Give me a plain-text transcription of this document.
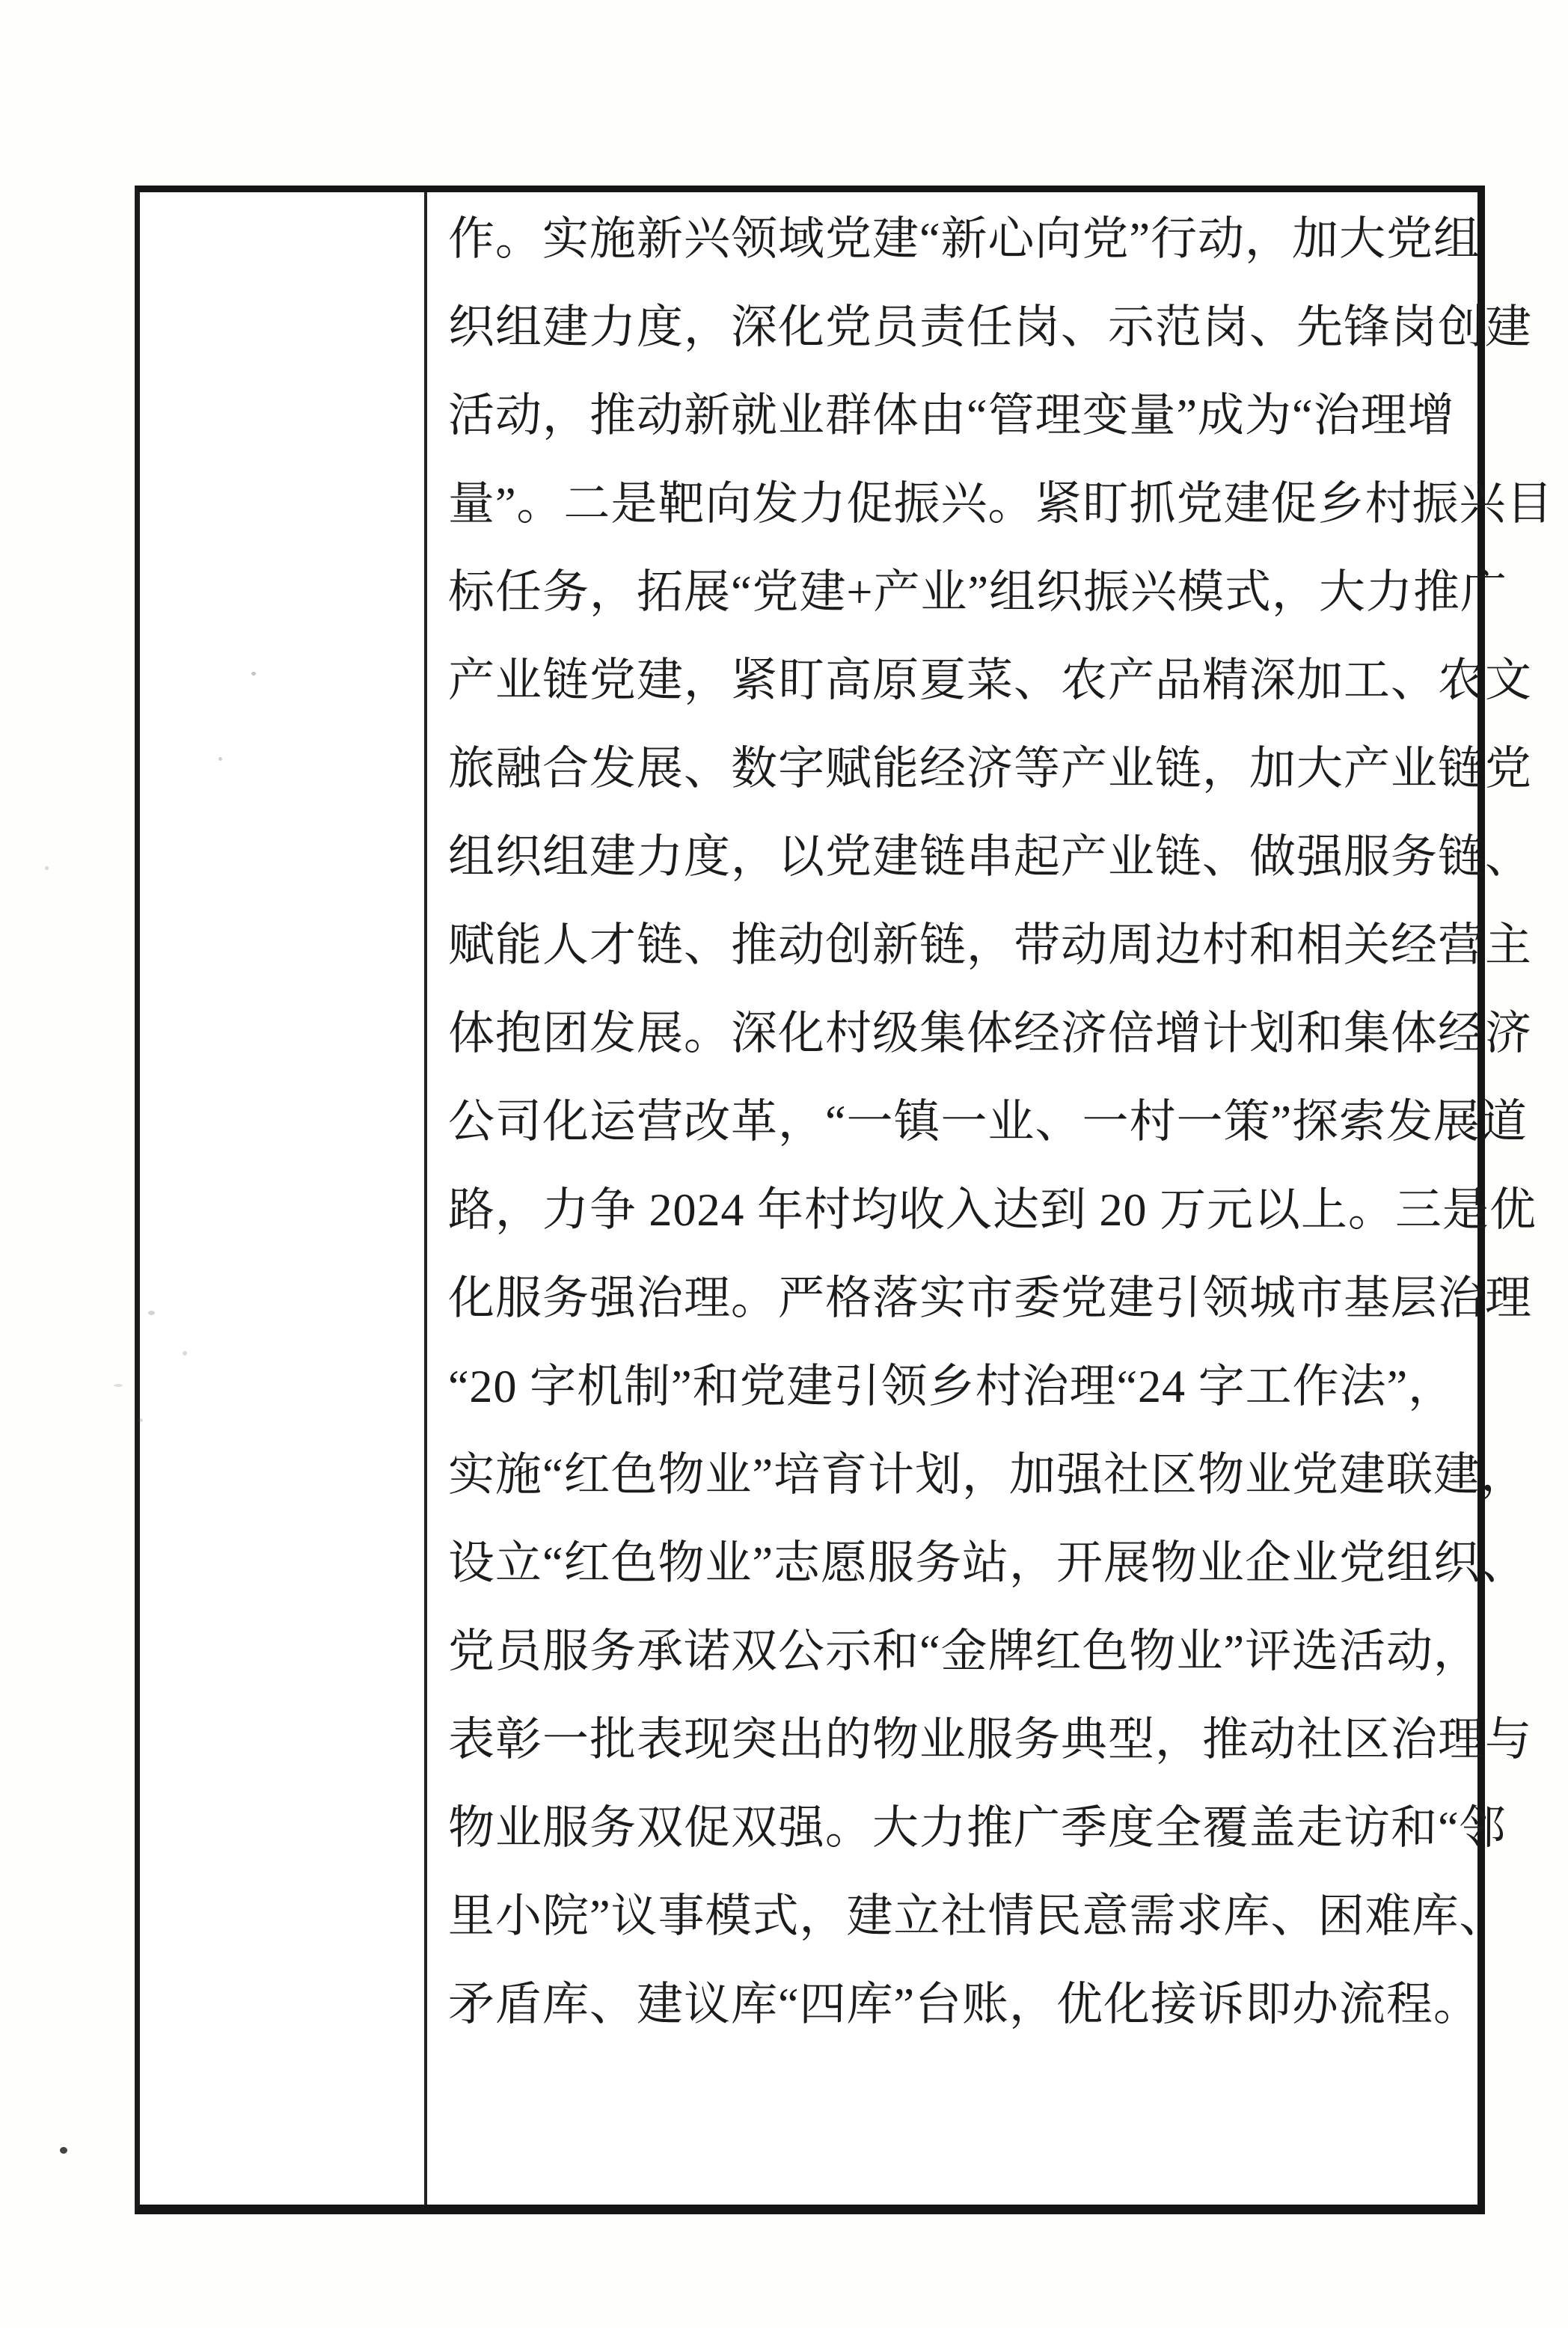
作。实施新兴领域党建“新心向党”行动，加大党组
织组建力度，深化党员责任岗、示范岗、先锋岗创建
活动，推动新就业群体由“管理变量”成为“治理增
量”。二是靶向发力促振兴。紧盯抓党建促乡村振兴目
标任务，拓展“党建+产业”组织振兴模式，大力推广
产业链党建，紧盯高原夏菜、农产品精深加工、农文
旅融合发展、数字赋能经济等产业链，加大产业链党
组织组建力度，以党建链串起产业链、做强服务链、
赋能人才链、推动创新链，带动周边村和相关经营主
体抱团发展。深化村级集体经济倍增计划和集体经济
公司化运营改革，“一镇一业、一村一策”探索发展道
路，力争 2024 年村均收入达到 20 万元以上。三是优
化服务强治理。严格落实市委党建引领城市基层治理
“20 字机制”和党建引领乡村治理“24 字工作法”，
实施“红色物业”培育计划，加强社区物业党建联建，
设立“红色物业”志愿服务站，开展物业企业党组织、
党员服务承诺双公示和“金牌红色物业”评选活动，
表彰一批表现突出的物业服务典型，推动社区治理与
物业服务双促双强。大力推广季度全覆盖走访和“邻
里小院”议事模式，建立社情民意需求库、困难库、
矛盾库、建议库“四库”台账，优化接诉即办流程。
